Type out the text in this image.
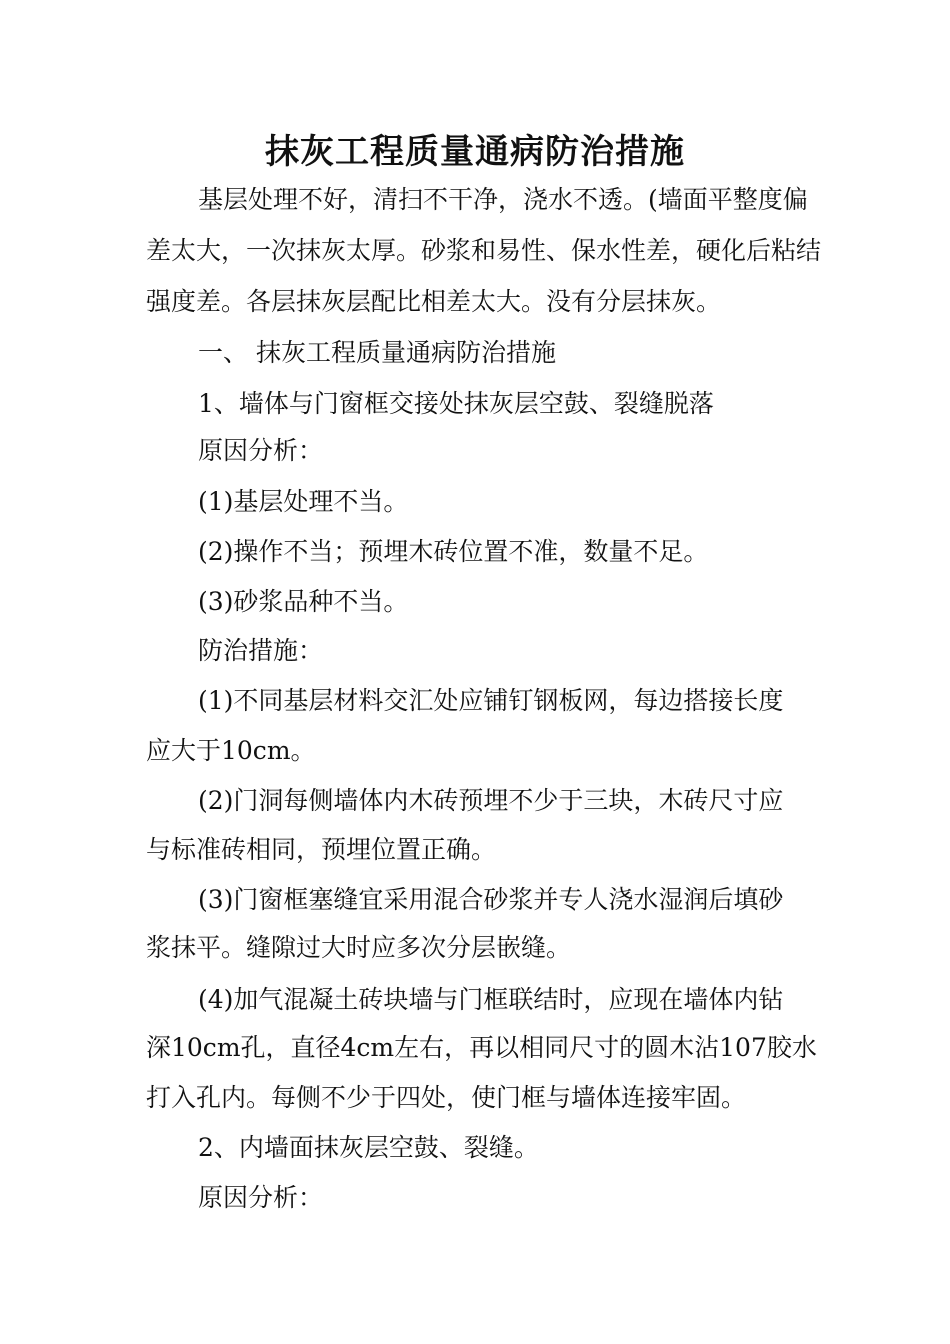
抹灰工程质量通病防治措施

基层处理不好，清扫不干净，浇水不透。(墙面平整度偏

差太大，一次抹灰太厚。砂浆和易性、保水性差，硬化后粘结

强度差。各层抹灰层配比相差太大。没有分层抹灰。

一、 抹灰工程质量通病防治措施

1、墙体与门窗框交接处抹灰层空鼓、裂缝脱落

原因分析：

(1)基层处理不当。

(2)操作不当；预埋木砖位置不准，数量不足。

(3)砂浆品种不当。

防治措施：

(1)不同基层材料交汇处应铺钉钢板网，每边搭接长度

应大于10cm。

(2)门洞每侧墙体内木砖预埋不少于三块，木砖尺寸应

与标准砖相同，预埋位置正确。

(3)门窗框塞缝宜采用混合砂浆并专人浇水湿润后填砂

浆抹平。缝隙过大时应多次分层嵌缝。

(4)加气混凝土砖块墙与门框联结时，应现在墙体内钻

深10cm孔，直径4cm左右，再以相同尺寸的圆木沾107胶水

打入孔内。每侧不少于四处，使门框与墙体连接牢固。

2、内墙面抹灰层空鼓、裂缝。

原因分析：
